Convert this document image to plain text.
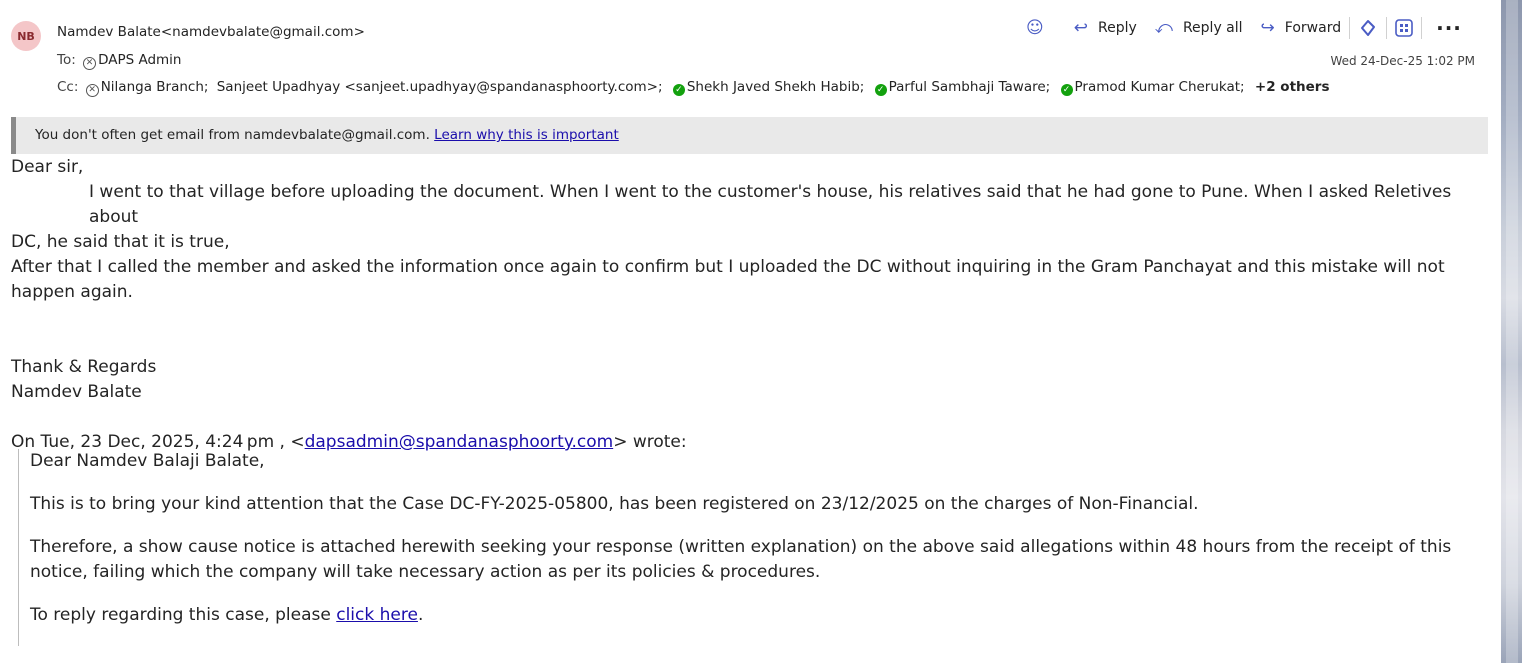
NB	Namdev Balate<namdevbalate@gmail.com>
To: ✕ DAPS Admin
Cc: ✕ Nilanga Branch; Sanjeet Upadhyay <sanjeet.upadhyay@spandanasphoorty.com>; ✓ Shekh Javed Shekh Habib; ✓ Parful Sambhaji Taware; ✓ Pramod Kumar Cherukat; +2 others
☺ ↩ Reply ⤺ Reply all ↪ Forward	···
Wed 24-Dec-25 1:02 PM
You don't often get email from namdevbalate@gmail.com. Learn why this is important

Dear sir,

I went to that village before uploading the document. When I went to the customer's house, his relatives said that he had gone to Pune. When I asked Reletives about

DC, he said that it is true,

After that I called the member and asked the information once again to confirm but I uploaded the DC without inquiring in the Gram Panchayat and this mistake will not happen again.

Thank & Regards

Namdev Balate

On Tue, 23 Dec, 2025, 4:24 pm , <dapsadmin@spandanasphoorty.com> wrote:

Dear Namdev Balaji Balate,

This is to bring your kind attention that the Case DC-FY-2025-05800, has been registered on 23/12/2025 on the charges of Non-Financial.

Therefore, a show cause notice is attached herewith seeking your response (written explanation) on the above said allegations within 48 hours from the receipt of this notice, failing which the company will take necessary action as per its policies & procedures.

To reply regarding this case, please click here.
